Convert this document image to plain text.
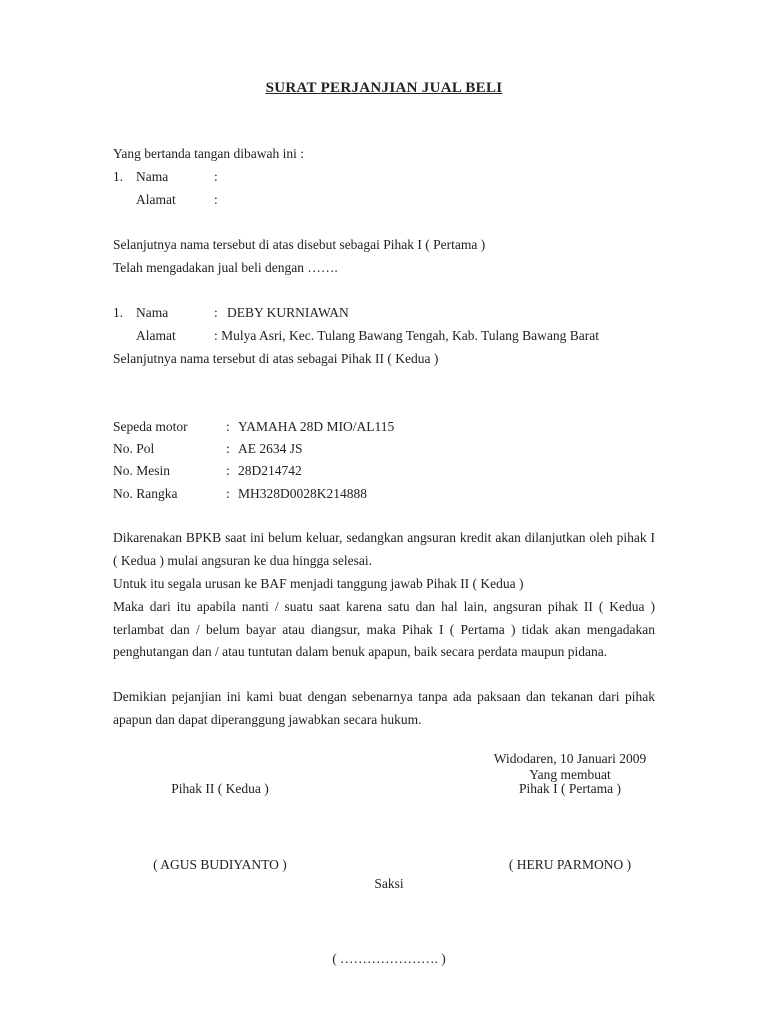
SURAT PERJANJIAN JUAL BELI
Yang bertanda tangan dibawah ini :
1. Nama	:
Alamat	:
Selanjutnya nama tersebut di atas disebut sebagai Pihak I ( Pertama )
Telah mengadakan jual beli dengan …….
1. Nama	: DEBY KURNIAWAN
Alamat	: Mulya Asri, Kec. Tulang Bawang Tengah, Kab. Tulang Bawang Barat
Selanjutnya nama tersebut di atas sebagai Pihak II ( Kedua )
Sepeda motor	: YAMAHA 28D MIO/AL115
No. Pol	: AE 2634 JS
No. Mesin	: 28D214742
No. Rangka	: MH328D0028K214888
Dikarenakan BPKB saat ini belum keluar, sedangkan angsuran kredit akan dilanjutkan oleh pihak I ( Kedua ) mulai angsuran ke dua hingga selesai.
Untuk itu segala urusan ke BAF menjadi tanggung jawab Pihak II ( Kedua )
Maka dari itu apabila nanti / suatu saat karena satu dan hal lain, angsuran pihak II ( Kedua ) terlambat dan / belum bayar atau diangsur, maka Pihak I ( Pertama ) tidak akan mengadakan penghutangan dan / atau tuntutan dalam benuk apapun, baik secara perdata maupun pidana.
Demikian pejanjian ini kami buat dengan sebenarnya tanpa ada paksaan dan tekanan dari pihak apapun dan dapat diperanggung jawabkan secara hukum.
Widodaren, 10 Januari 2009
Yang membuat
Pihak II ( Kedua )	Pihak I ( Pertama )
( AGUS BUDIYANTO )	( HERU PARMONO )
Saksi
( …………………. )
